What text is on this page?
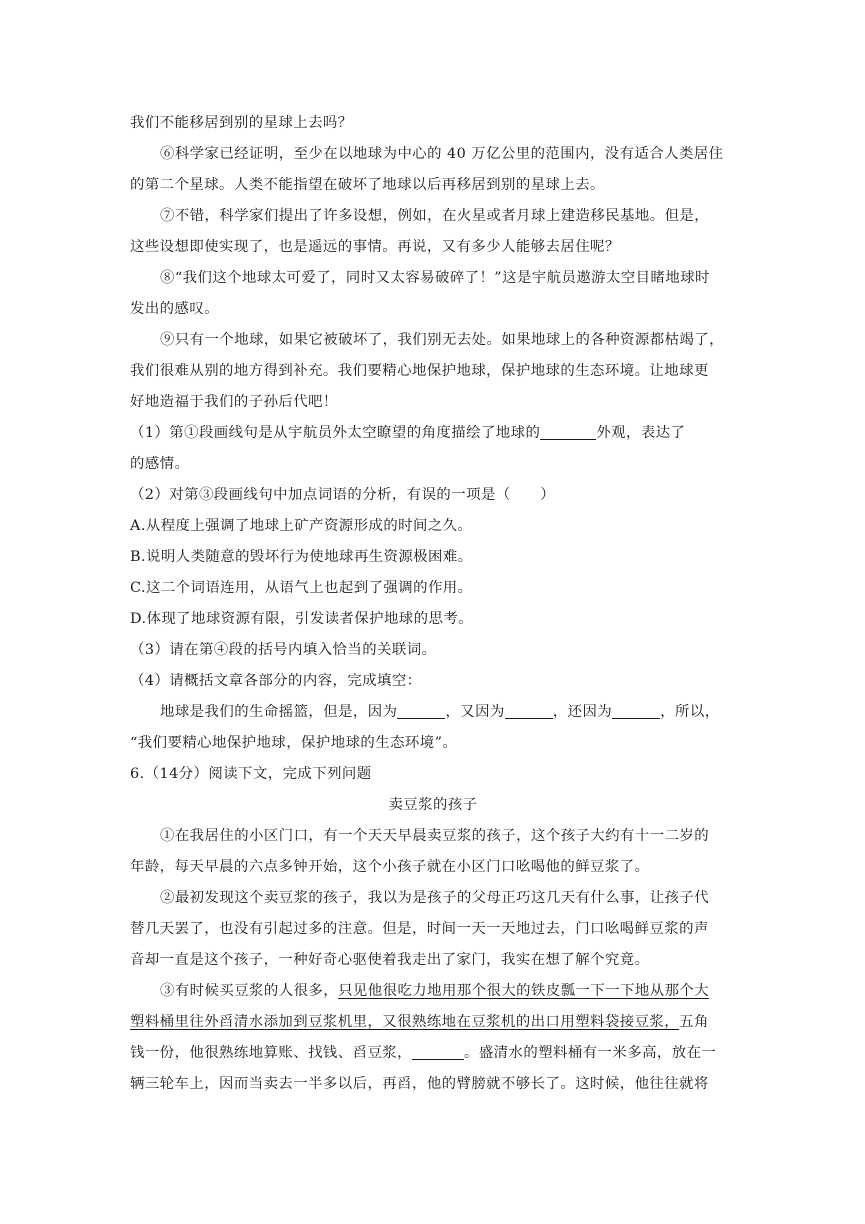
我们不能移居到别的星球上去吗？
⑥科学家已经证明，至少在以地球为中心的 40 万亿公里的范围内，没有适合人类居住
的第二个星球。人类不能指望在破坏了地球以后再移居到别的星球上去。
⑦不错，科学家们提出了许多设想，例如，在火星或者月球上建造移民基地。但是，
这些设想即使实现了，也是遥远的事情。再说，又有多少人能够去居住呢？
⑧“我们这个地球太可爱了，同时又太容易破碎了！”这是宇航员遨游太空目睹地球时
发出的感叹。
⑨只有一个地球，如果它被破坏了，我们别无去处。如果地球上的各种资源都枯竭了，
我们很难从别的地方得到补充。我们要精心地保护地球，保护地球的生态环境。让地球更
好地造福于我们的子孙后代吧！
（1）第①段画线句是从宇航员外太空瞭望的角度描绘了地球的	外观，表达了
的感情。
（2）对第③段画线句中加点词语的分析，有误的一项是（　　）
A.从程度上强调了地球上矿产资源形成的时间之久。
B.说明人类随意的毁坏行为使地球再生资源极困难。
C.这二个词语连用，从语气上也起到了强调的作用。
D.体现了地球资源有限，引发读者保护地球的思考。
（3）请在第④段的括号内填入恰当的关联词。
（4）请概括文章各部分的内容，完成填空：
地球是我们的生命摇篮，但是，因为	，又因为	，还因为	，所以，
“我们要精心地保护地球，保护地球的生态环境”。
6.（14分）阅读下文，完成下列问题
卖豆浆的孩子
①在我居住的小区门口，有一个天天早晨卖豆浆的孩子，这个孩子大约有十一二岁的
年龄，每天早晨的六点多钟开始，这个小孩子就在小区门口吆喝他的鲜豆浆了。
②最初发现这个卖豆浆的孩子，我以为是孩子的父母正巧这几天有什么事，让孩子代
替几天罢了，也没有引起过多的注意。但是，时间一天一天地过去，门口吆喝鲜豆浆的声
音却一直是这个孩子，一种好奇心驱使着我走出了家门，我实在想了解个究竟。
③有时候买豆浆的人很多，只见他很吃力地用那个很大的铁皮瓢一下一下地从那个大
塑料桶里往外舀清水添加到豆浆机里，又很熟练地在豆浆机的出口用塑料袋接豆浆，五角
钱一份，他很熟练地算账、找钱、舀豆浆，	。盛清水的塑料桶有一米多高，放在一
辆三轮车上，因而当卖去一半多以后，再舀，他的臂膀就不够长了。这时候，他往往就将
